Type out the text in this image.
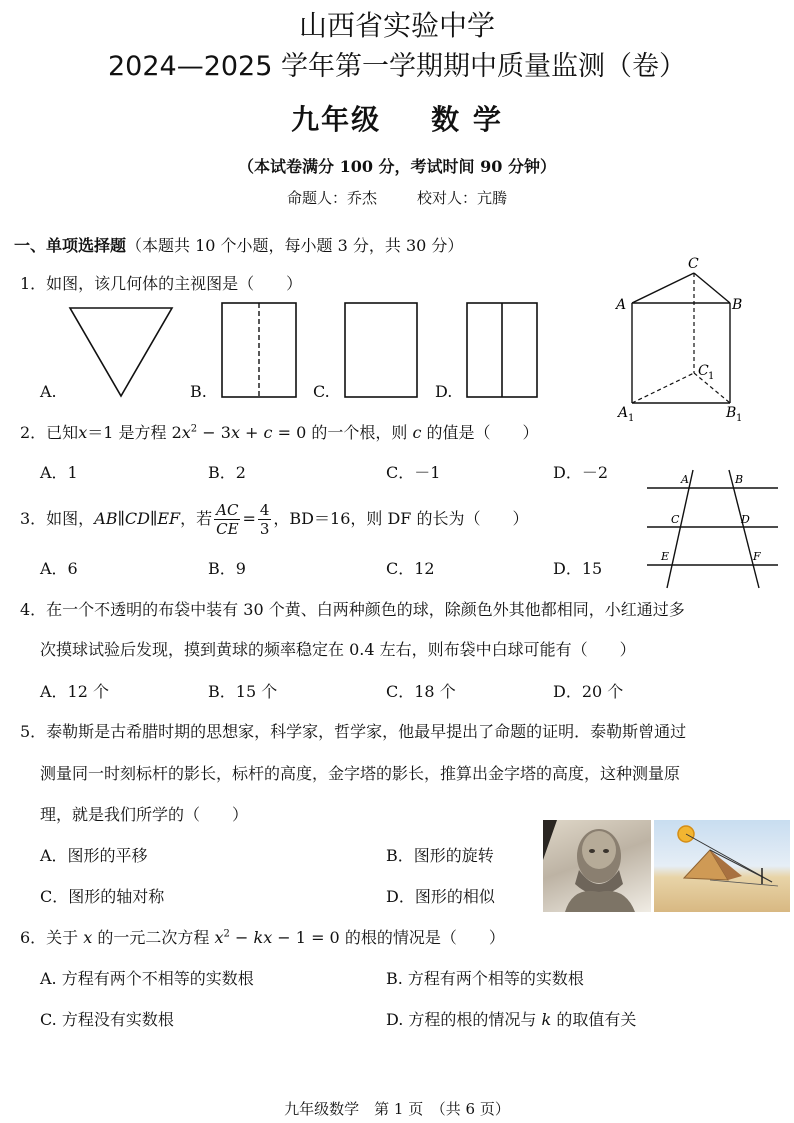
山西省实验中学
2024—2025 学年第一学期期中质量监测（卷）
九年级 数 学
（本试卷满分 100 分，考试时间 90 分钟）
命题人：乔杰	校对人：亢腾
一、单项选择题（本题共 10 个小题，每小题 3 分，共 30 分）
1．如图，该几何体的主视图是（　　）
A.	B.	C.	D.
C
A	B
C 1
A 1	B 1
2．已知x＝1 是方程 $2x^2 - 3x + c = 0$ 的一个根，则 c 的值是（　　）
A．1	B．2	C．－1	D．－2
3．如图，AB∥CD∥EF，若 $\frac{AC}{CE} = \frac{4}{3}$ ，BD＝16，则 DF 的长为（　　）
A．6	B．9	C．12	D．15
A	B
C	D
E	F
4．在一个不透明的布袋中装有 30 个黄、白两种颜色的球，除颜色外其他都相同，小红通过多
次摸球试验后发现，摸到黄球的频率稳定在 0.4 左右，则布袋中白球可能有（　　）
A．12 个	B．15 个	C．18 个	D．20 个
5．泰勒斯是古希腊时期的思想家，科学家，哲学家，他最早提出了命题的证明．泰勒斯曾通过
测量同一时刻标杆的影长，标杆的高度，金字塔的影长，推算出金字塔的高度，这种测量原
理，就是我们所学的（　　）
A．图形的平移	B．图形的旋转
C．图形的轴对称	D．图形的相似
6．关于 x 的一元二次方程 $x^2$ − kx − 1 = 0 的根的情况是（　　）
A. 方程有两个不相等的实数根	B. 方程有两个相等的实数根
C. 方程没有实数根	D. 方程的根的情况与 k 的取值有关
九年级数学　第 1 页　（共 6 页）
